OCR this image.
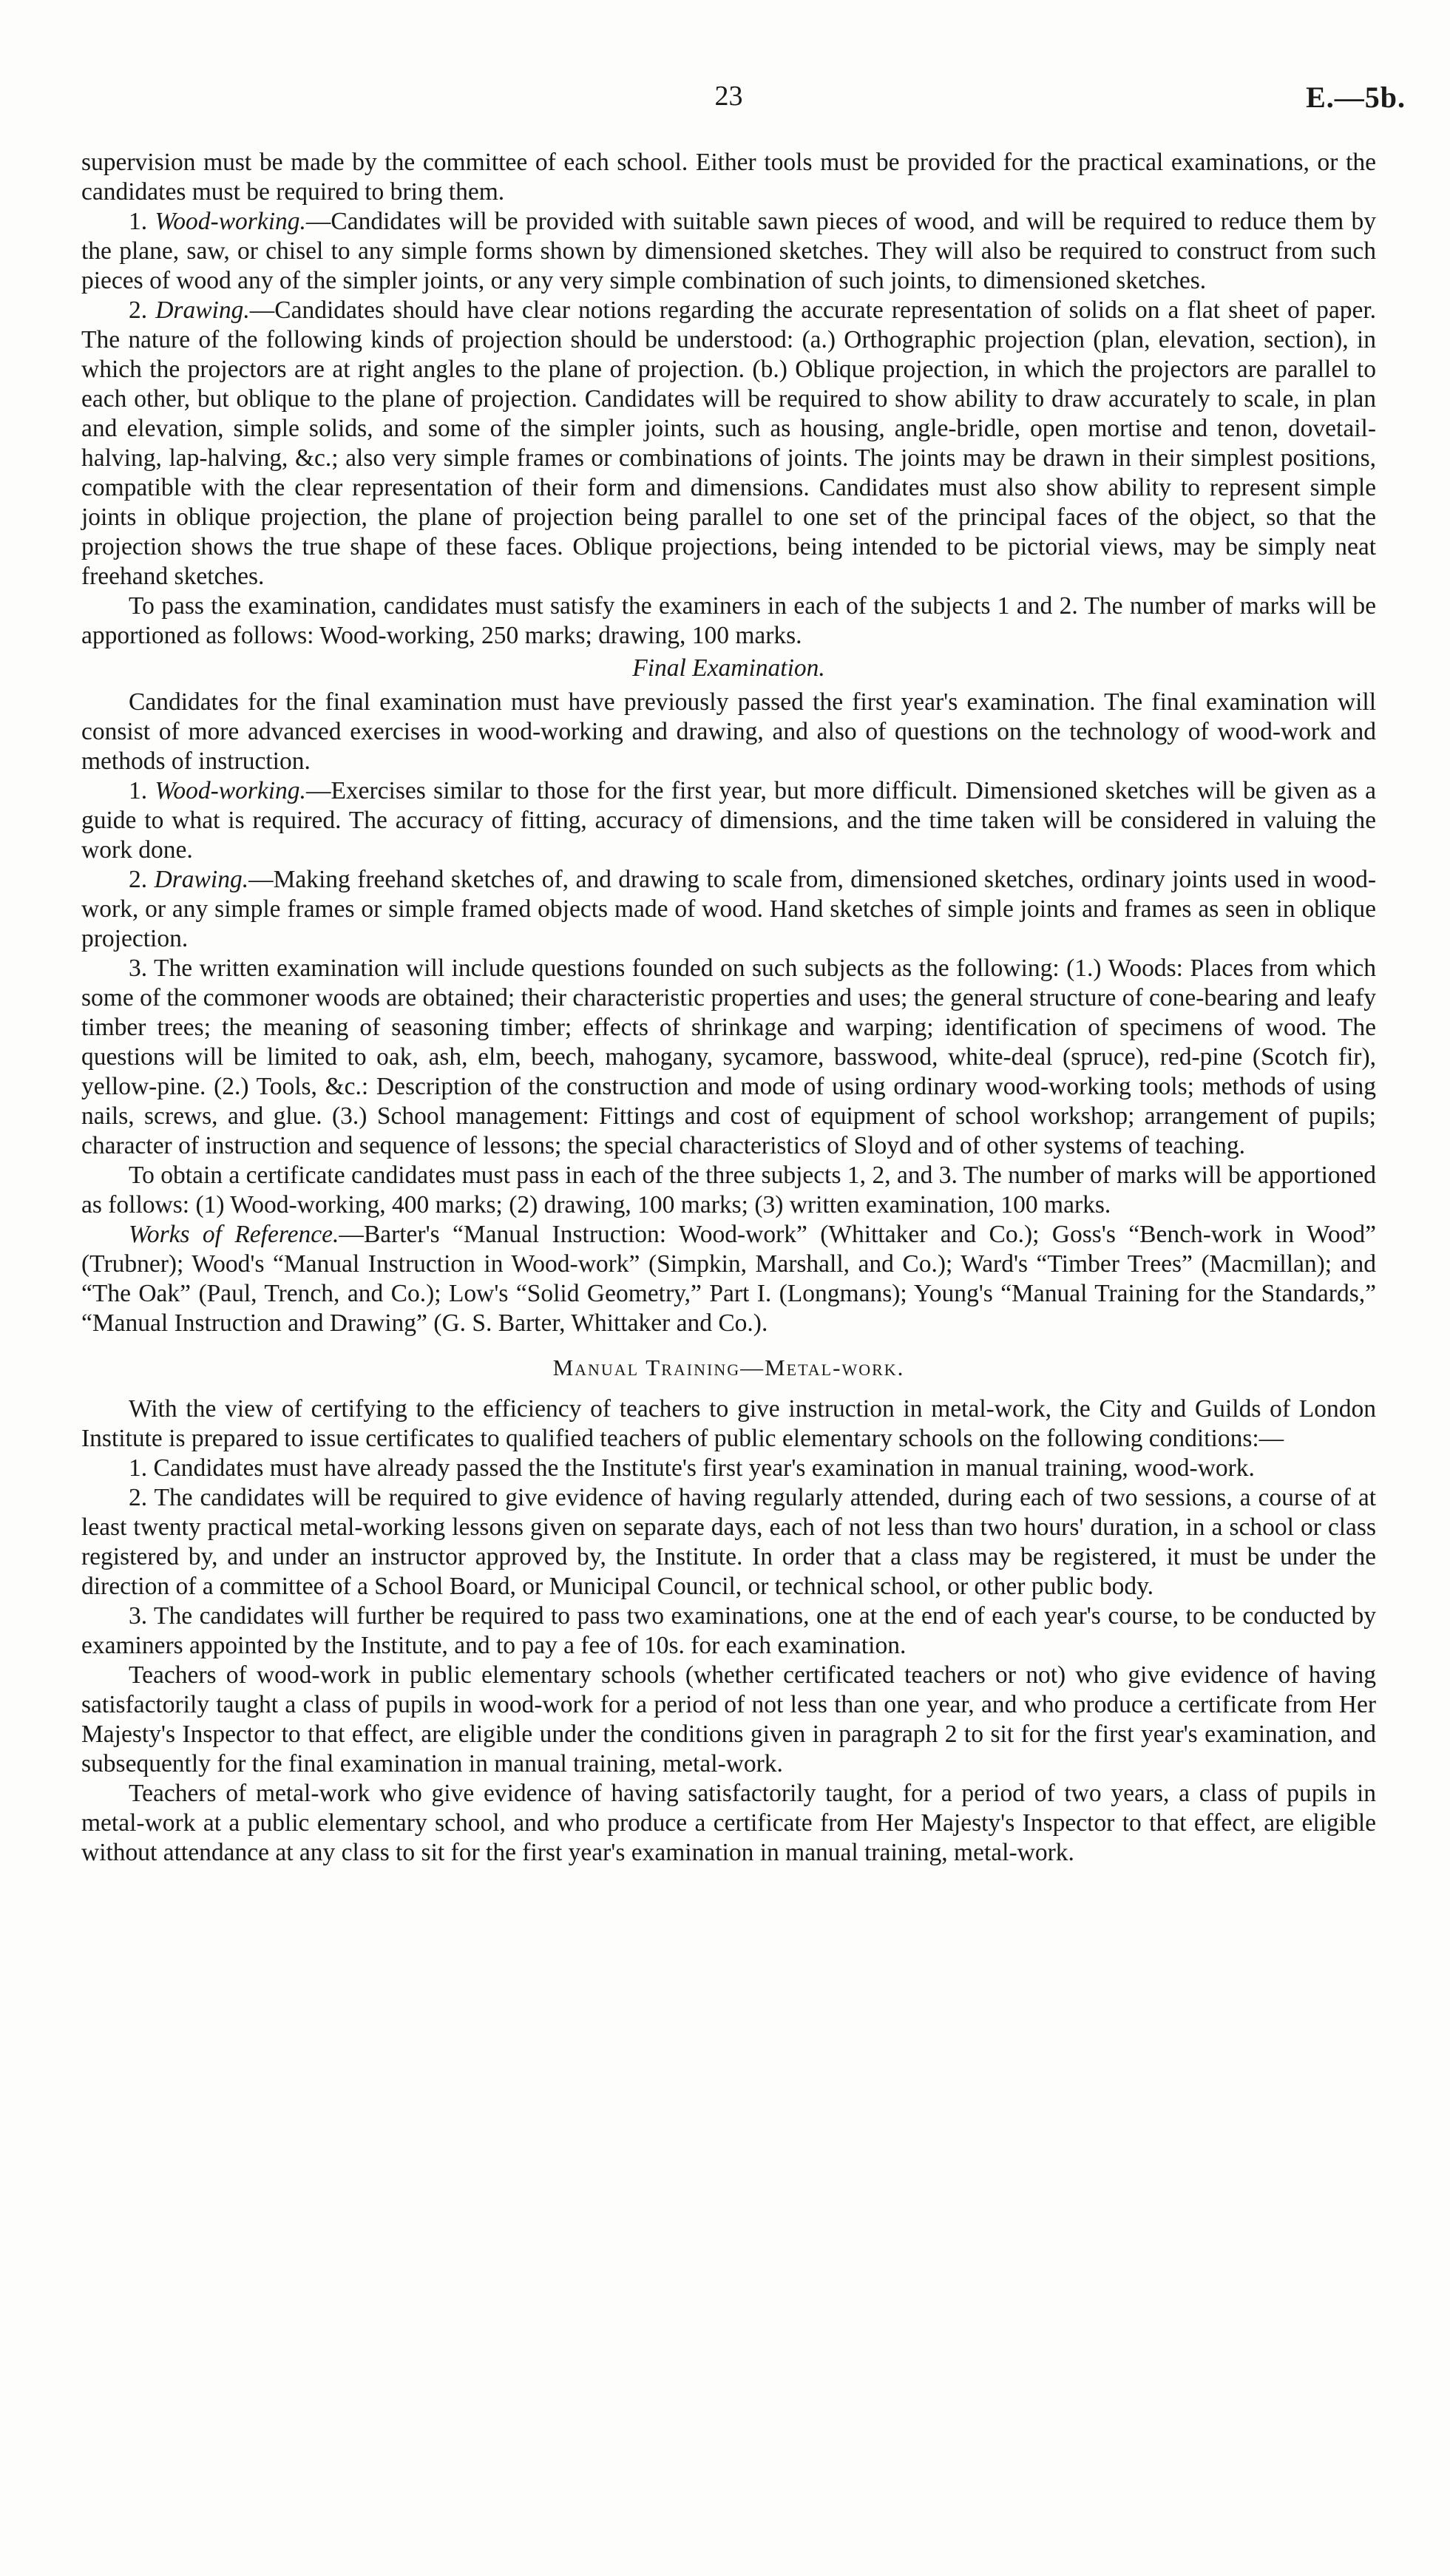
23	E.—5b.

supervision must be made by the committee of each school. Either tools must be provided for the practical examinations, or the candidates must be required to bring them.

1. Wood-working.—Candidates will be provided with suitable sawn pieces of wood, and will be required to reduce them by the plane, saw, or chisel to any simple forms shown by dimensioned sketches. They will also be required to construct from such pieces of wood any of the simpler joints, or any very simple combination of such joints, to dimensioned sketches.

2. Drawing.—Candidates should have clear notions regarding the accurate representation of solids on a flat sheet of paper. The nature of the following kinds of projection should be understood: (a.) Orthographic projection (plan, elevation, section), in which the projectors are at right angles to the plane of projection. (b.) Oblique projection, in which the projectors are parallel to each other, but oblique to the plane of projection. Candidates will be required to show ability to draw accurately to scale, in plan and elevation, simple solids, and some of the simpler joints, such as housing, angle-bridle, open mortise and tenon, dovetail-halving, lap-halving, &c.; also very simple frames or combinations of joints. The joints may be drawn in their simplest positions, compatible with the clear representation of their form and dimensions. Candidates must also show ability to represent simple joints in oblique projection, the plane of projection being parallel to one set of the principal faces of the object, so that the projection shows the true shape of these faces. Oblique projections, being intended to be pictorial views, may be simply neat freehand sketches.

To pass the examination, candidates must satisfy the examiners in each of the subjects 1 and 2. The number of marks will be apportioned as follows: Wood-working, 250 marks; drawing, 100 marks.

Final Examination.

Candidates for the final examination must have previously passed the first year's examination. The final examination will consist of more advanced exercises in wood-working and drawing, and also of questions on the technology of wood-work and methods of instruction.

1. Wood-working.—Exercises similar to those for the first year, but more difficult. Dimensioned sketches will be given as a guide to what is required. The accuracy of fitting, accuracy of dimensions, and the time taken will be considered in valuing the work done.

2. Drawing.—Making freehand sketches of, and drawing to scale from, dimensioned sketches, ordinary joints used in wood-work, or any simple frames or simple framed objects made of wood. Hand sketches of simple joints and frames as seen in oblique projection.

3. The written examination will include questions founded on such subjects as the following: (1.) Woods: Places from which some of the commoner woods are obtained; their characteristic properties and uses; the general structure of cone-bearing and leafy timber trees; the meaning of seasoning timber; effects of shrinkage and warping; identification of specimens of wood. The questions will be limited to oak, ash, elm, beech, mahogany, sycamore, basswood, white-deal (spruce), red-pine (Scotch fir), yellow-pine. (2.) Tools, &c.: Description of the construction and mode of using ordinary wood-working tools; methods of using nails, screws, and glue. (3.) School management: Fittings and cost of equipment of school workshop; arrangement of pupils; character of instruction and sequence of lessons; the special characteristics of Sloyd and of other systems of teaching.

To obtain a certificate candidates must pass in each of the three subjects 1, 2, and 3. The number of marks will be apportioned as follows: (1) Wood-working, 400 marks; (2) drawing, 100 marks; (3) written examination, 100 marks.

Works of Reference.—Barter's “Manual Instruction: Wood-work” (Whittaker and Co.); Goss's “Bench-work in Wood” (Trubner); Wood's “Manual Instruction in Wood-work” (Simpkin, Marshall, and Co.); Ward's “Timber Trees” (Macmillan); and “The Oak” (Paul, Trench, and Co.); Low's “Solid Geometry,” Part I. (Longmans); Young's “Manual Training for the Standards,” “Manual Instruction and Drawing” (G. S. Barter, Whittaker and Co.).

Manual Training—Metal-work.

With the view of certifying to the efficiency of teachers to give instruction in metal-work, the City and Guilds of London Institute is prepared to issue certificates to qualified teachers of public elementary schools on the following conditions:—

1. Candidates must have already passed the the Institute's first year's examination in manual training, wood-work.

2. The candidates will be required to give evidence of having regularly attended, during each of two sessions, a course of at least twenty practical metal-working lessons given on separate days, each of not less than two hours' duration, in a school or class registered by, and under an instructor approved by, the Institute. In order that a class may be registered, it must be under the direction of a committee of a School Board, or Municipal Council, or technical school, or other public body.

3. The candidates will further be required to pass two examinations, one at the end of each year's course, to be conducted by examiners appointed by the Institute, and to pay a fee of 10s. for each examination.

Teachers of wood-work in public elementary schools (whether certificated teachers or not) who give evidence of having satisfactorily taught a class of pupils in wood-work for a period of not less than one year, and who produce a certificate from Her Majesty's Inspector to that effect, are eligible under the conditions given in paragraph 2 to sit for the first year's examination, and subsequently for the final examination in manual training, metal-work.

Teachers of metal-work who give evidence of having satisfactorily taught, for a period of two years, a class of pupils in metal-work at a public elementary school, and who produce a certificate from Her Majesty's Inspector to that effect, are eligible without attendance at any class to sit for the first year's examination in manual training, metal-work.
